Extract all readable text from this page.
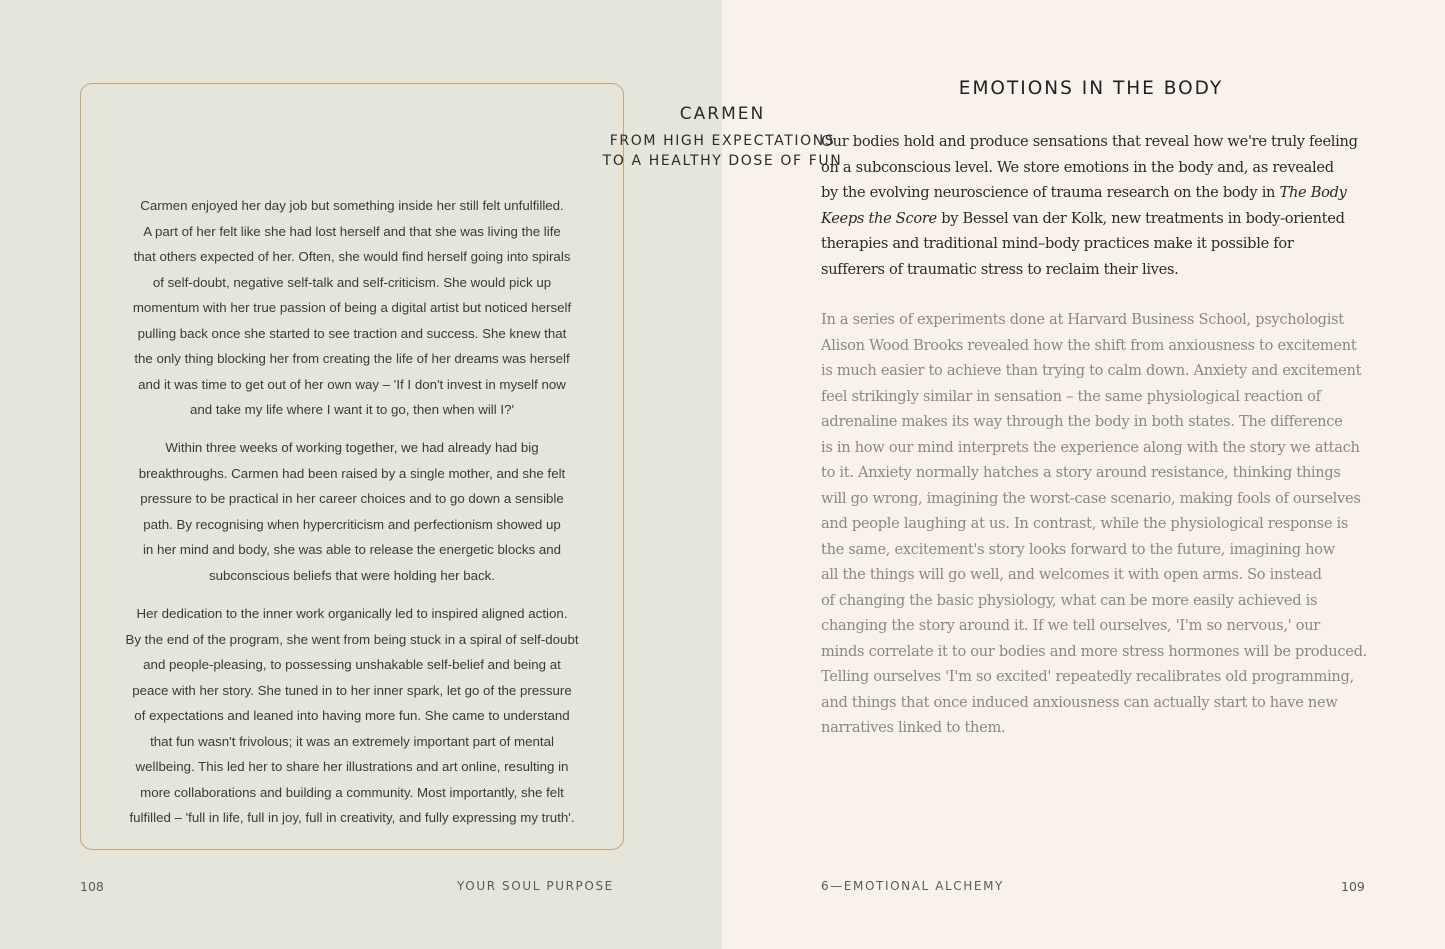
CARMEN
FROM HIGH EXPECTATIONS
TO A HEALTHY DOSE OF FUN
Carmen enjoyed her day job but something inside her still felt unfulfilled.
A part of her felt like she had lost herself and that she was living the life
that others expected of her. Often, she would find herself going into spirals
of self-doubt, negative self-talk and self-criticism. She would pick up
momentum with her true passion of being a digital artist but noticed herself
pulling back once she started to see traction and success. She knew that
the only thing blocking her from creating the life of her dreams was herself
and it was time to get out of her own way – 'If I don't invest in myself now
and take my life where I want it to go, then when will I?'
Within three weeks of working together, we had already had big
breakthroughs. Carmen had been raised by a single mother, and she felt
pressure to be practical in her career choices and to go down a sensible
path. By recognising when hypercriticism and perfectionism showed up
in her mind and body, she was able to release the energetic blocks and
subconscious beliefs that were holding her back.
Her dedication to the inner work organically led to inspired aligned action.
By the end of the program, she went from being stuck in a spiral of self-doubt
and people-pleasing, to possessing unshakable self-belief and being at
peace with her story. She tuned in to her inner spark, let go of the pressure
of expectations and leaned into having more fun. She came to understand
that fun wasn't frivolous; it was an extremely important part of mental
wellbeing. This led her to share her illustrations and art online, resulting in
more collaborations and building a community. Most importantly, she felt
fulfilled – 'full in life, full in joy, full in creativity, and fully expressing my truth'.
108	YOUR SOUL PURPOSE
EMOTIONS IN THE BODY
Our bodies hold and produce sensations that reveal how we're truly feeling
on a subconscious level. We store emotions in the body and, as revealed
by the evolving neuroscience of trauma research on the body in The Body
Keeps the Score by Bessel van der Kolk, new treatments in body-oriented
therapies and traditional mind–body practices make it possible for
sufferers of traumatic stress to reclaim their lives.
In a series of experiments done at Harvard Business School, psychologist
Alison Wood Brooks revealed how the shift from anxiousness to excitement
is much easier to achieve than trying to calm down. Anxiety and excitement
feel strikingly similar in sensation – the same physiological reaction of
adrenaline makes its way through the body in both states. The difference
is in how our mind interprets the experience along with the story we attach
to it. Anxiety normally hatches a story around resistance, thinking things
will go wrong, imagining the worst-case scenario, making fools of ourselves
and people laughing at us. In contrast, while the physiological response is
the same, excitement's story looks forward to the future, imagining how
all the things will go well, and welcomes it with open arms. So instead
of changing the basic physiology, what can be more easily achieved is
changing the story around it. If we tell ourselves, 'I'm so nervous,' our
minds correlate it to our bodies and more stress hormones will be produced.
Telling ourselves 'I'm so excited' repeatedly recalibrates old programming,
and things that once induced anxiousness can actually start to have new
narratives linked to them.
6—EMOTIONAL ALCHEMY	109
